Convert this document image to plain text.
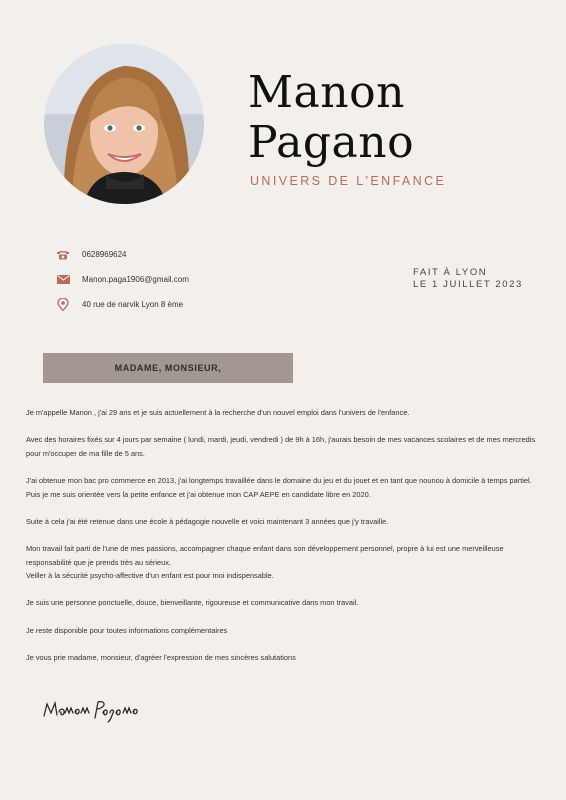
Manon
Pagano
UNIVERS DE L'ENFANCE
0628969624
Manon.paga1906@gmail.com
40 rue de narvik Lyon 8 ème
FAIT À LYON
LE 1 JUILLET 2023
MADAME, MONSIEUR,

Je m'appelle Manon , j'ai 29 ans et je suis actuellement à la recherche d'un nouvel emploi dans l'univers de l'enfance.

Avec des horaires fixés sur 4 jours par semaine ( lundi, mardi, jeudi, vendredi ) de 9h à 16h, j'aurais besoin de mes vacances scolaires et de mes mercredis pour m'occuper de ma fille de 5 ans.

J'ai obtenue mon bac pro commerce en 2013, j'ai longtemps travaillée dans le domaine du jeu et du jouet et en tant que nounou à domicile à temps partiel.
Puis je me suis orientée vers la petite enfance et j'ai obtenue mon CAP AEPE en candidate libre en 2020.

Suite à cela j'ai été retenue dans une école à pédagogie nouvelle et voici maintenant 3 années que j'y travaille.

Mon travail fait parti de l'une de mes passions, accompagner chaque enfant dans son développement personnel, propre à lui est une merveilleuse responsabilité que je prends très au sérieux.
Veiller à la sécurité psycho-affective d'un enfant est pour moi indispensable.

Je suis une personne ponctuelle, douce, bienveillante, rigoureuse et communicative dans mon travail.

Je reste disponible pour toutes informations complémentaires

Je vous prie madame, monsieur, d'agréer l'expression de mes sincères salutations
